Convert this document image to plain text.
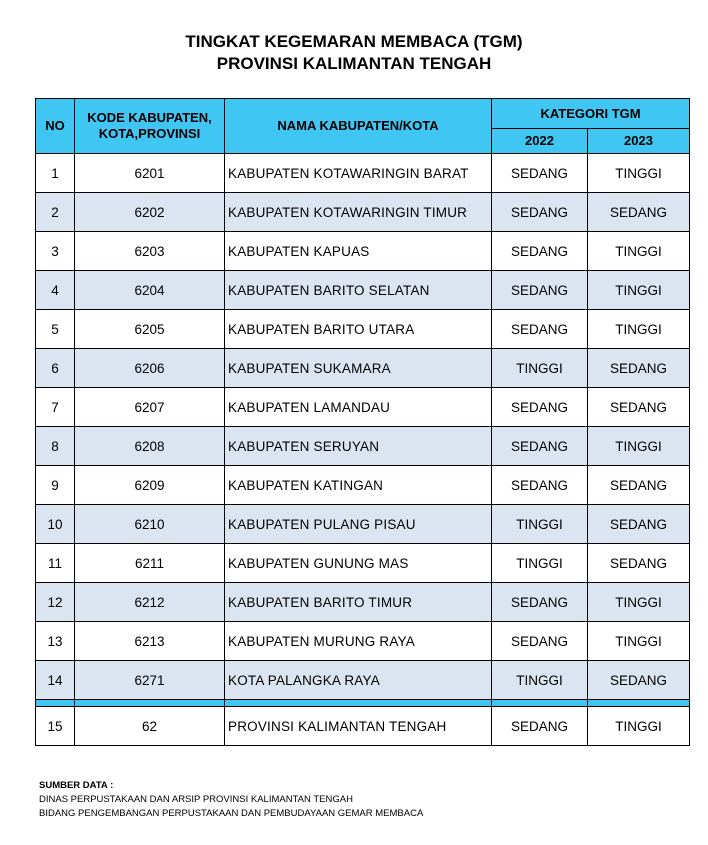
TINGKAT KEGEMARAN MEMBACA (TGM)
PROVINSI KALIMANTAN TENGAH
NO	KODE KABUPATEN, KOTA,PROVINSI	NAMA KABUPATEN/KOTA	KATEGORI TGM	
			2022	2023
1	6201	KABUPATEN KOTAWARINGIN BARAT	SEDANG	TINGGI
2	6202	KABUPATEN KOTAWARINGIN TIMUR	SEDANG	SEDANG
3	6203	KABUPATEN KAPUAS	SEDANG	TINGGI
4	6204	KABUPATEN BARITO SELATAN	SEDANG	TINGGI
5	6205	KABUPATEN BARITO UTARA	SEDANG	TINGGI
6	6206	KABUPATEN SUKAMARA	TINGGI	SEDANG
7	6207	KABUPATEN LAMANDAU	SEDANG	SEDANG
8	6208	KABUPATEN SERUYAN	SEDANG	TINGGI
9	6209	KABUPATEN KATINGAN	SEDANG	SEDANG
10	6210	KABUPATEN PULANG PISAU	TINGGI	SEDANG
11	6211	KABUPATEN GUNUNG MAS	TINGGI	SEDANG
12	6212	KABUPATEN BARITO TIMUR	SEDANG	TINGGI
13	6213	KABUPATEN MURUNG RAYA	SEDANG	TINGGI
14	6271	KOTA PALANGKA RAYA	TINGGI	SEDANG

15	62	PROVINSI KALIMANTAN TENGAH	SEDANG	TINGGI
SUMBER DATA :
DINAS PERPUSTAKAAN DAN ARSIP PROVINSI KALIMANTAN TENGAH
BIDANG PENGEMBANGAN PERPUSTAKAAN DAN PEMBUDAYAAN GEMAR MEMBACA
